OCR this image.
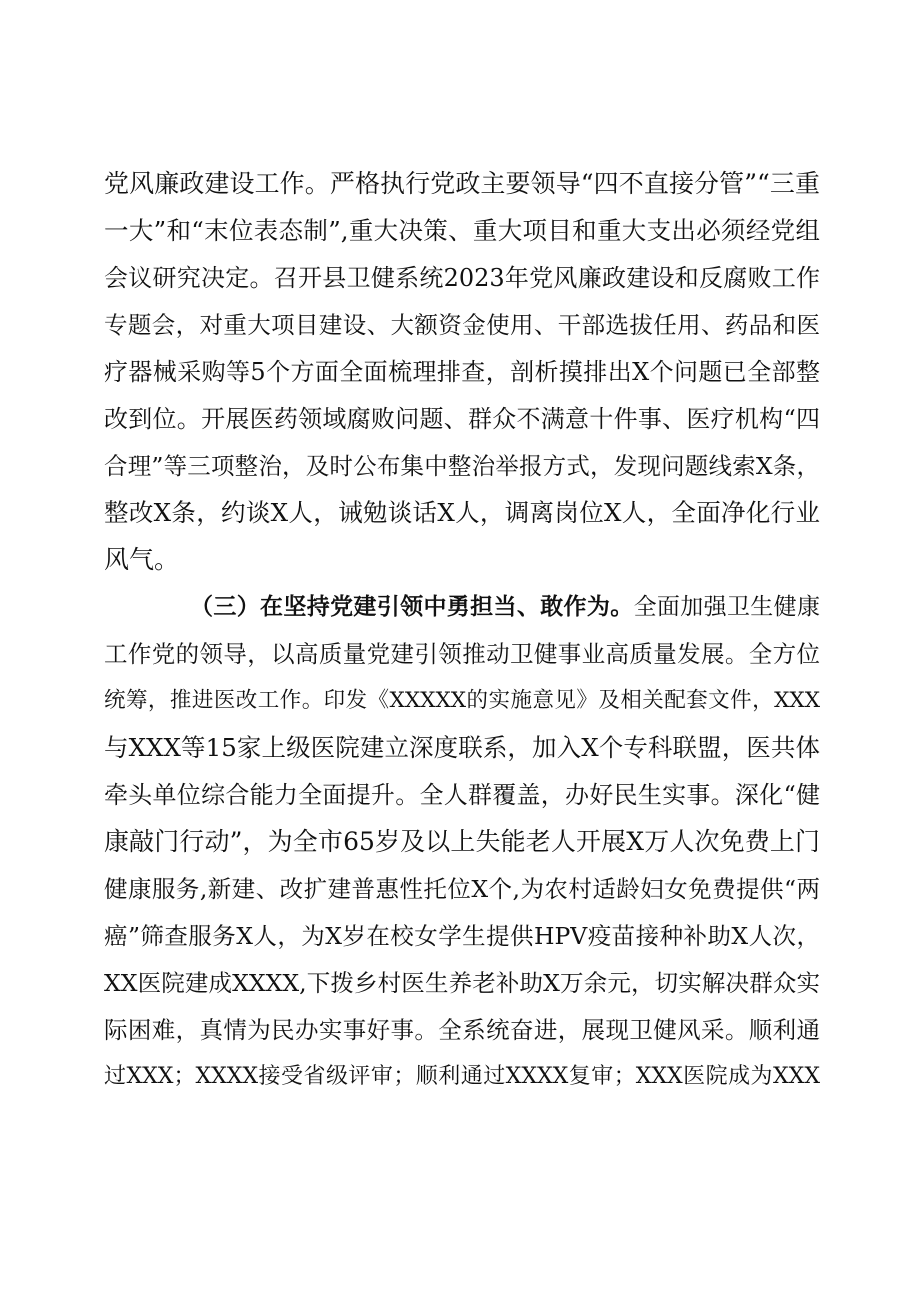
党风廉政建设工作。严格执行党政主要领导“四不直接分管”“三重
一大”和“末位表态制”,重大决策、重大项目和重大支出必须经党组
会议研究决定。召开县卫健系统2023年党风廉政建设和反腐败工作
专题会，对重大项目建设、大额资金使用、干部选拔任用、药品和医
疗器械采购等5个方面全面梳理排查，剖析摸排出X个问题已全部整
改到位。开展医药领域腐败问题、群众不满意十件事、医疗机构“四
合理”等三项整治，及时公布集中整治举报方式，发现问题线索X条，
整改X条，约谈X人，诫勉谈话X人，调离岗位X人，全面净化行业
风气。
（三）在坚持党建引领中勇担当、敢作为。全面加强卫生健康
工作党的领导，以高质量党建引领推动卫健事业高质量发展。全方位
统筹，推进医改工作。印发《XXXXX的实施意见》及相关配套文件，XXX
与XXX等15家上级医院建立深度联系，加入X个专科联盟，医共体
牵头单位综合能力全面提升。全人群覆盖，办好民生实事。深化“健
康敲门行动”，为全市65岁及以上失能老人开展X万人次免费上门
健康服务,新建、改扩建普惠性托位X个,为农村适龄妇女免费提供“两
癌”筛查服务X人，为X岁在校女学生提供HPV疫苗接种补助X人次，
XX医院建成XXXX,下拨乡村医生养老补助X万余元，切实解决群众实
际困难，真情为民办实事好事。全系统奋进，展现卫健风采。顺利通
过XXX；XXXX接受省级评审；顺利通过XXXX复审；XXX医院成为XXX
